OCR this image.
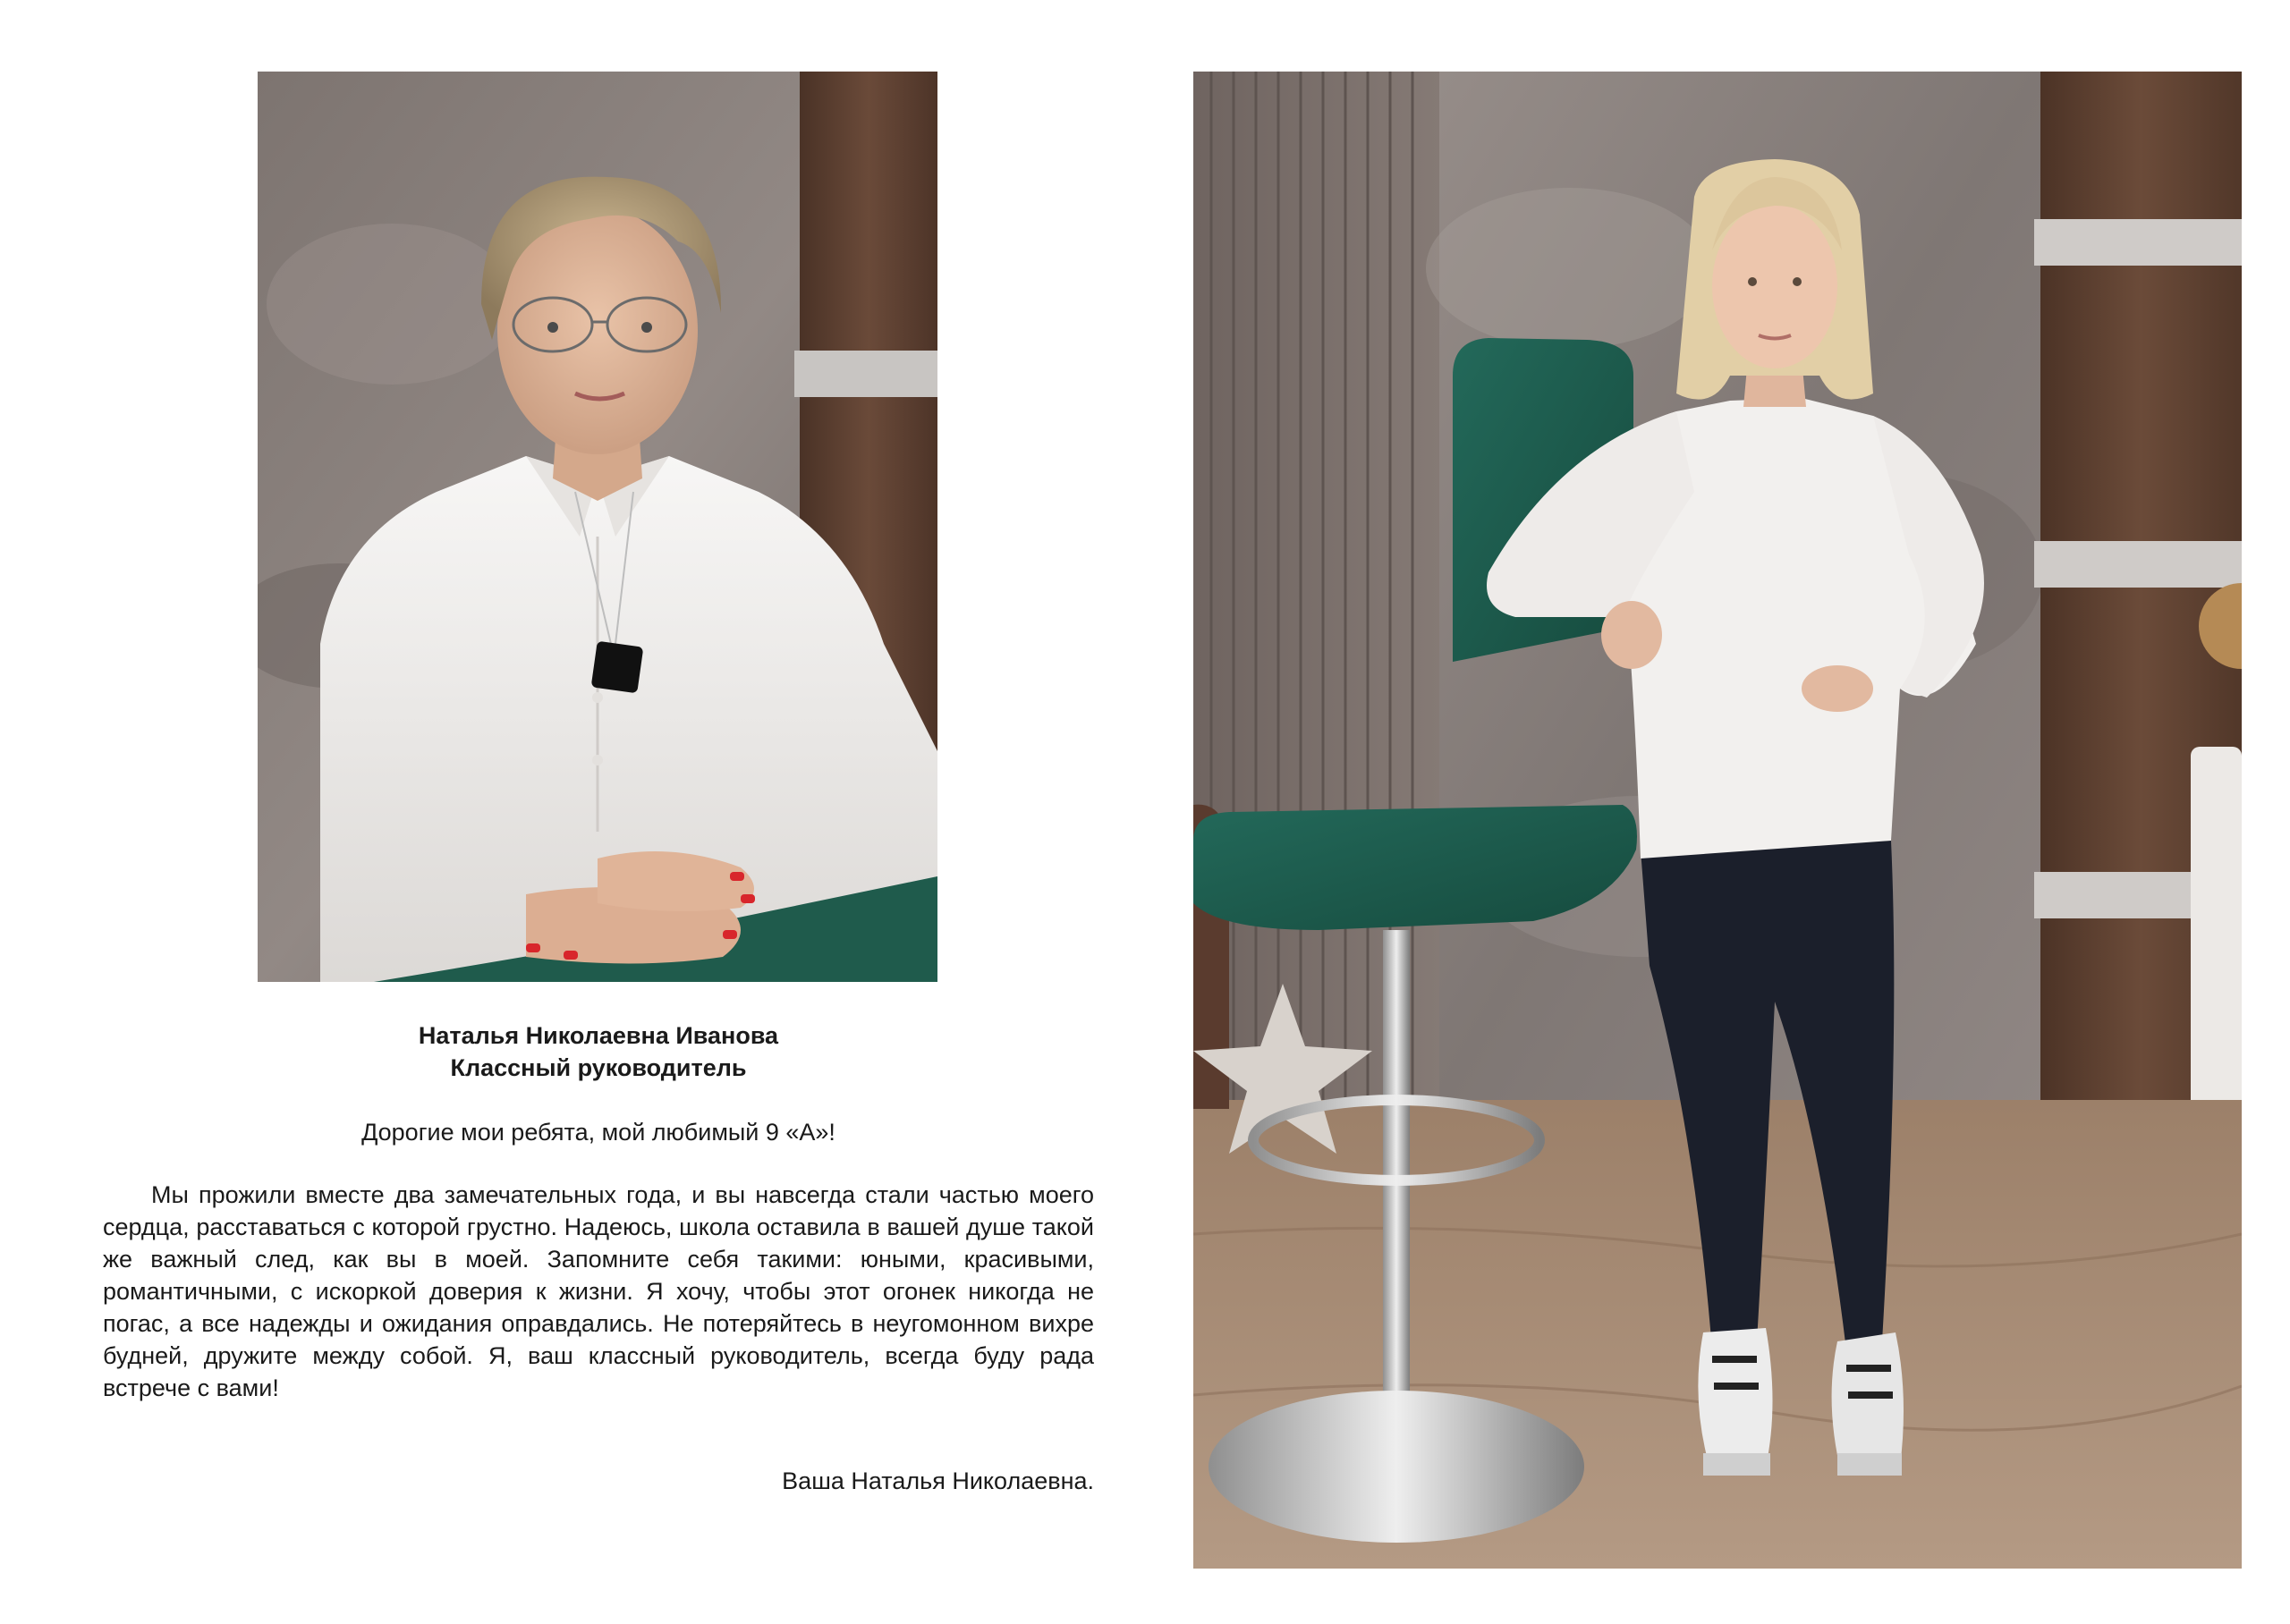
Наталья Николаевна Иванова
Классный руководитель
Дорогие мои ребята, мой любимый 9 «А»!

Мы прожили вместе два замечательных года, и вы навсегда стали частью моего сердца, расставаться с которой грустно. Надеюсь, школа оставила в вашей душе такой же важный след, как вы в моей. Запомните себя такими: юными, красивыми, романтичными, с искоркой доверия к жизни. Я хочу, чтобы этот огонек никогда не погас, а все надежды и ожидания оправдались. Не потеряйтесь в неугомонном вихре будней, дружите между собой. Я, ваш классный руководитель, всегда буду рада встрече с вами!

Ваша Наталья Николаевна.
